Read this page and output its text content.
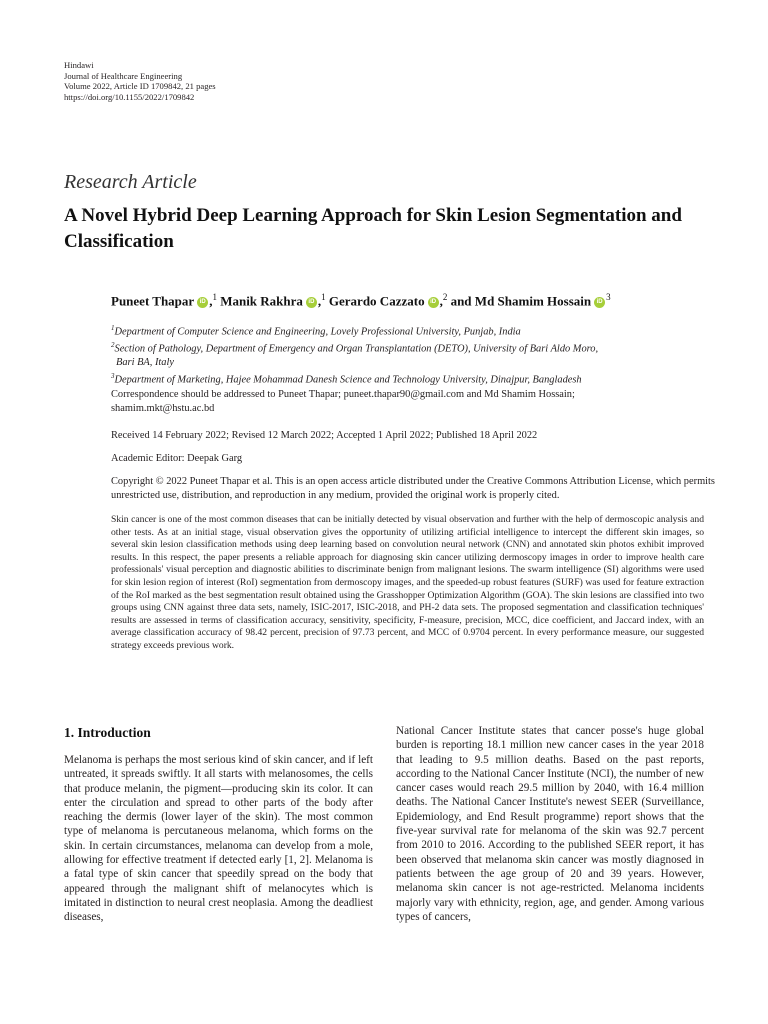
Hindawi
Journal of Healthcare Engineering
Volume 2022, Article ID 1709842, 21 pages
https://doi.org/10.1155/2022/1709842
Research Article
A Novel Hybrid Deep Learning Approach for Skin Lesion Segmentation and Classification
Puneet Thapar iD ,$^1$ Manik Rakhra iD ,$^1$ Gerardo Cazzato iD ,$^2$ and Md Shamim Hossain iD $^3$
$^1$Department of Computer Science and Engineering, Lovely Professional University, Punjab, India
$^2$Section of Pathology, Department of Emergency and Organ Transplantation (DETO), University of Bari Aldo Moro,
Bari BA, Italy
$^3$Department of Marketing, Hajee Mohammad Danesh Science and Technology University, Dinajpur, Bangladesh
Correspondence should be addressed to Puneet Thapar; puneet.thapar90@gmail.com and Md Shamim Hossain;
shamim.mkt@hstu.ac.bd
Received 14 February 2022; Revised 12 March 2022; Accepted 1 April 2022; Published 18 April 2022
Academic Editor: Deepak Garg
Copyright © 2022 Puneet Thapar et al. This is an open access article distributed under the Creative Commons Attribution License, which permits unrestricted use, distribution, and reproduction in any medium, provided the original work is properly cited.
Skin cancer is one of the most common diseases that can be initially detected by visual observation and further with the help of dermoscopic analysis and other tests. As at an initial stage, visual observation gives the opportunity of utilizing artificial intelligence to intercept the different skin images, so several skin lesion classification methods using deep learning based on convolution neural network (CNN) and annotated skin photos exhibit improved results. In this respect, the paper presents a reliable approach for diagnosing skin cancer utilizing dermoscopy images in order to improve health care professionals' visual perception and diagnostic abilities to discriminate benign from malignant lesions. The swarm intelligence (SI) algorithms were used for skin lesion region of interest (RoI) segmentation from dermoscopy images, and the speeded-up robust features (SURF) was used for feature extraction of the RoI marked as the best segmentation result obtained using the Grasshopper Optimization Algorithm (GOA). The skin lesions are classified into two groups using CNN against three data sets, namely, ISIC-2017, ISIC-2018, and PH-2 data sets. The proposed segmentation and classification techniques' results are assessed in terms of classification accuracy, sensitivity, specificity, F-measure, precision, MCC, dice coefficient, and Jaccard index, with an average classification accuracy of 98.42 percent, precision of 97.73 percent, and MCC of 0.9704 percent. In every performance measure, our suggested strategy exceeds previous work.
1. Introduction
Melanoma is perhaps the most serious kind of skin cancer, and if left untreated, it spreads swiftly. It all starts with melanosomes, the cells that produce melanin, the pigment—producing skin its color. It can enter the circulation and spread to other parts of the body after reaching the dermis (lower layer of the skin). The most common type of melanoma is percutaneous melanoma, which forms on the skin. In certain circumstances, melanoma can develop from a mole, allowing for effective treatment if detected early [1, 2]. Melanoma is a fatal type of skin cancer that speedily spread on the body that appeared through the malignant shift of melanocytes which is imitated in distinction to neural crest neoplasia. Among the deadliest diseases,
National Cancer Institute states that cancer posse's huge global burden is reporting 18.1 million new cancer cases in the year 2018 that leading to 9.5 million deaths. Based on the past reports, according to the National Cancer Institute (NCI), the number of new cancer cases would reach 29.5 million by 2040, with 16.4 million deaths. The National Cancer Institute's newest SEER (Surveillance, Epidemiology, and End Result programme) report shows that the five-year survival rate for melanoma of the skin was 92.7 percent from 2010 to 2016. According to the published SEER report, it has been observed that melanoma skin cancer was mostly diagnosed in patients between the age group of 20 and 39 years. However, melanoma skin cancer is not age-restricted. Melanoma incidents majorly vary with ethnicity, region, age, and gender. Among various types of cancers,
